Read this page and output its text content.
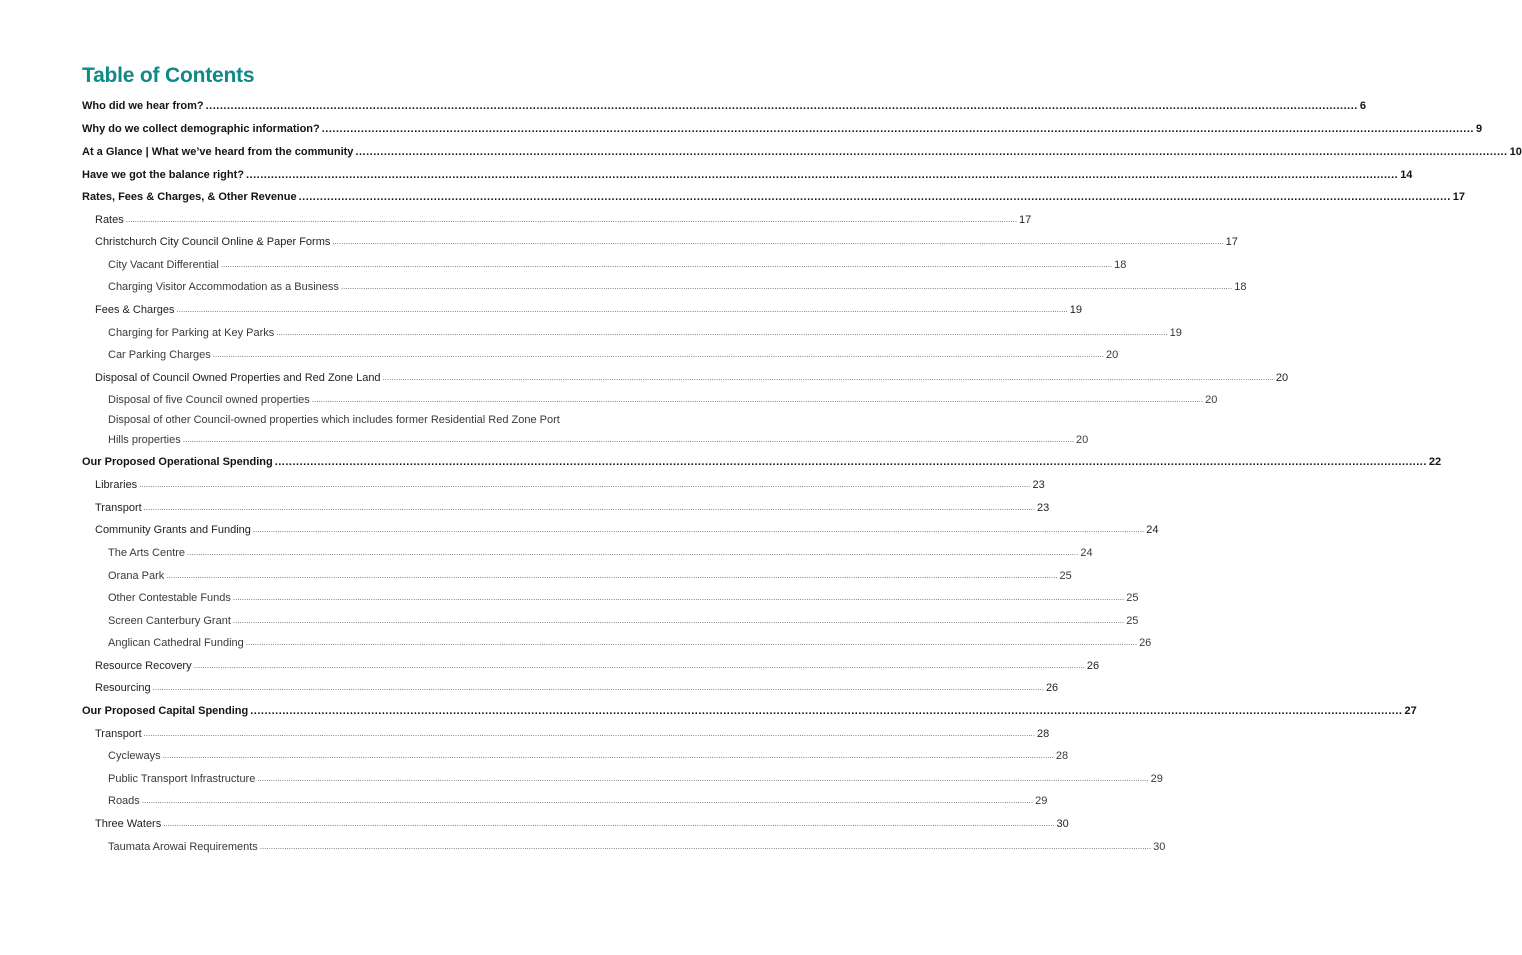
Table of Contents
Who did we hear from? .....	6
Why do we collect demographic information? .....	9
At a Glance | What we’ve heard from the community .....	10
Have we got the balance right? .....	14
Rates, Fees & Charges, & Other Revenue .....	17
Rates .....	17
Christchurch City Council Online & Paper Forms .....	17
City Vacant Differential .....	18
Charging Visitor Accommodation as a Business .....	18
Fees & Charges .....	19
Charging for Parking at Key Parks .....	19
Car Parking Charges .....	20
Disposal of Council Owned Properties and Red Zone Land .....	20
Disposal of five Council owned properties .....	20
Disposal of other Council-owned properties which includes former Residential Red Zone Port
Hills properties .....	20
Our Proposed Operational Spending .....	22
Libraries .....	23
Transport .....	23
Community Grants and Funding .....	24
The Arts Centre .....	24
Orana Park .....	25
Other Contestable Funds .....	25
Screen Canterbury Grant .....	25
Anglican Cathedral Funding .....	26
Resource Recovery .....	26
Resourcing .....	26
Our Proposed Capital Spending .....	27
Transport .....	28
Cycleways .....	28
Public Transport Infrastructure .....	29
Roads .....	29
Three Waters .....	30
Taumata Arowai Requirements .....	30
